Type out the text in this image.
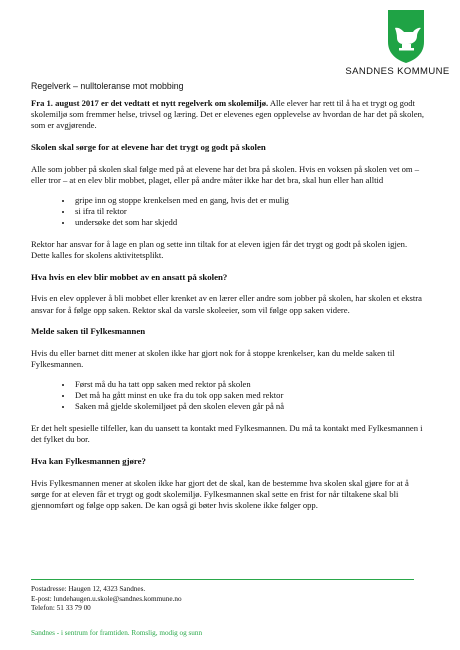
SANDNES KOMMUNE
Regelverk – nulltoleranse mot mobbing

Fra 1. august 2017 er det vedtatt et nytt regelverk om skolemiljø. Alle elever har rett til å ha et trygt og godt skolemiljø som fremmer helse, trivsel og læring. Det er elevenes egen opplevelse av hvordan de har det på skolen, som er avgjørende.

Skolen skal sørge for at elevene har det trygt og godt på skolen

Alle som jobber på skolen skal følge med på at elevene har det bra på skolen. Hvis en voksen på skolen vet om – eller tror – at en elev blir mobbet, plaget, eller på andre måter ikke har det bra, skal hun eller han alltid

• gripe inn og stoppe krenkelsen med en gang, hvis det er mulig
• si ifra til rektor
• undersøke det som har skjedd

Rektor har ansvar for å lage en plan og sette inn tiltak for at eleven igjen får det trygt og godt på skolen igjen. Dette kalles for skolens aktivitetsplikt.

Hva hvis en elev blir mobbet av en ansatt på skolen?

Hvis en elev opplever å bli mobbet eller krenket av en lærer eller andre som jobber på skolen, har skolen et ekstra ansvar for å følge opp saken. Rektor skal da varsle skoleeier, som vil følge opp saken videre.

Melde saken til Fylkesmannen

Hvis du eller barnet ditt mener at skolen ikke har gjort nok for å stoppe krenkelser, kan du melde saken til Fylkesmannen.

• Først må du ha tatt opp saken med rektor på skolen
• Det må ha gått minst en uke fra du tok opp saken med rektor
• Saken må gjelde skolemiljøet på den skolen eleven går på nå

Er det helt spesielle tilfeller, kan du uansett ta kontakt med Fylkesmannen. Du må ta kontakt med Fylkesmannen i det fylket du bor.

Hva kan Fylkesmannen gjøre?

Hvis Fylkesmannen mener at skolen ikke har gjort det de skal, kan de bestemme hva skolen skal gjøre for at å sørge for at eleven får et trygt og godt skolemiljø. Fylkesmannen skal sette en frist for når tiltakene skal bli gjennomført og følge opp saken. De kan også gi bøter hvis skolene ikke følger opp.

Postadresse: Haugen 12, 4323 Sandnes.
E-post: lundehaugen.u.skole@sandnes.kommune.no
Telefon: 51 33 79 00
Sandnes - i sentrum for framtiden. Romslig, modig og sunn
